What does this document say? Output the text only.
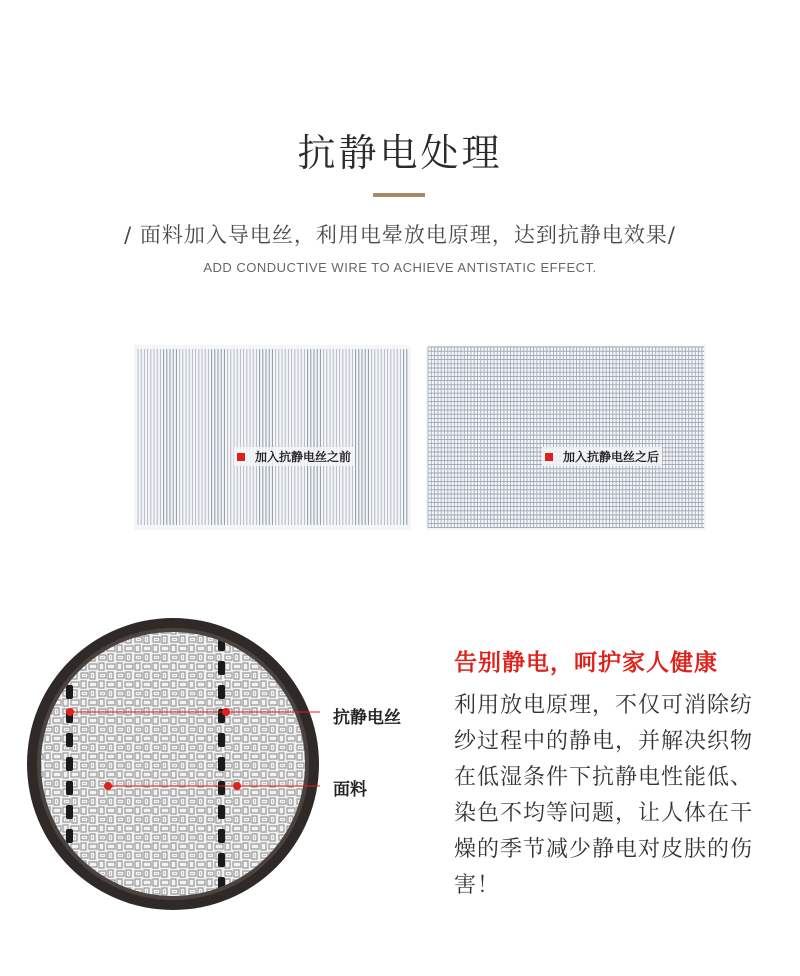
抗静电处理
/ 面料加入导电丝，利用电晕放电原理，达到抗静电效果/
ADD CONDUCTIVE WIRE TO ACHIEVE ANTISTATIC EFFECT.
加入抗静电丝之前	加入抗静电丝之后
抗静电丝
面料
告别静电，呵护家人健康
利用放电原理，不仅可消除纺纱过程中的静电，并解决织物在低湿条件下抗静电性能低、染色不均等问题，让人体在干燥的季节减少静电对皮肤的伤害！
